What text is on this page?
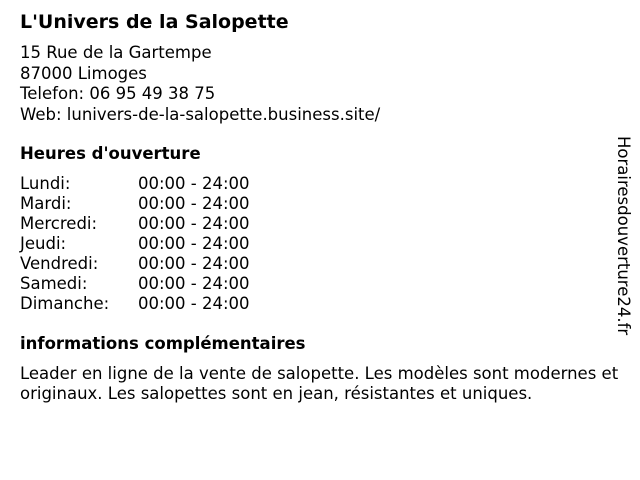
L'Univers de la Salopette
15 Rue de la Gartempe
87000 Limoges
Telefon: 06 95 49 38 75
Web: lunivers-de-la-salopette.business.site/
Heures d'ouverture
Lundi:	00:00 - 24:00
Mardi:	00:00 - 24:00
Mercredi:	00:00 - 24:00
Jeudi:	00:00 - 24:00
Vendredi:	00:00 - 24:00
Samedi:	00:00 - 24:00
Dimanche:	00:00 - 24:00
informations complémentaires
Leader en ligne de la vente de salopette. Les modèles sont modernes et originaux. Les salopettes sont en jean, résistantes et uniques.
Horairesdouverture24.fr
